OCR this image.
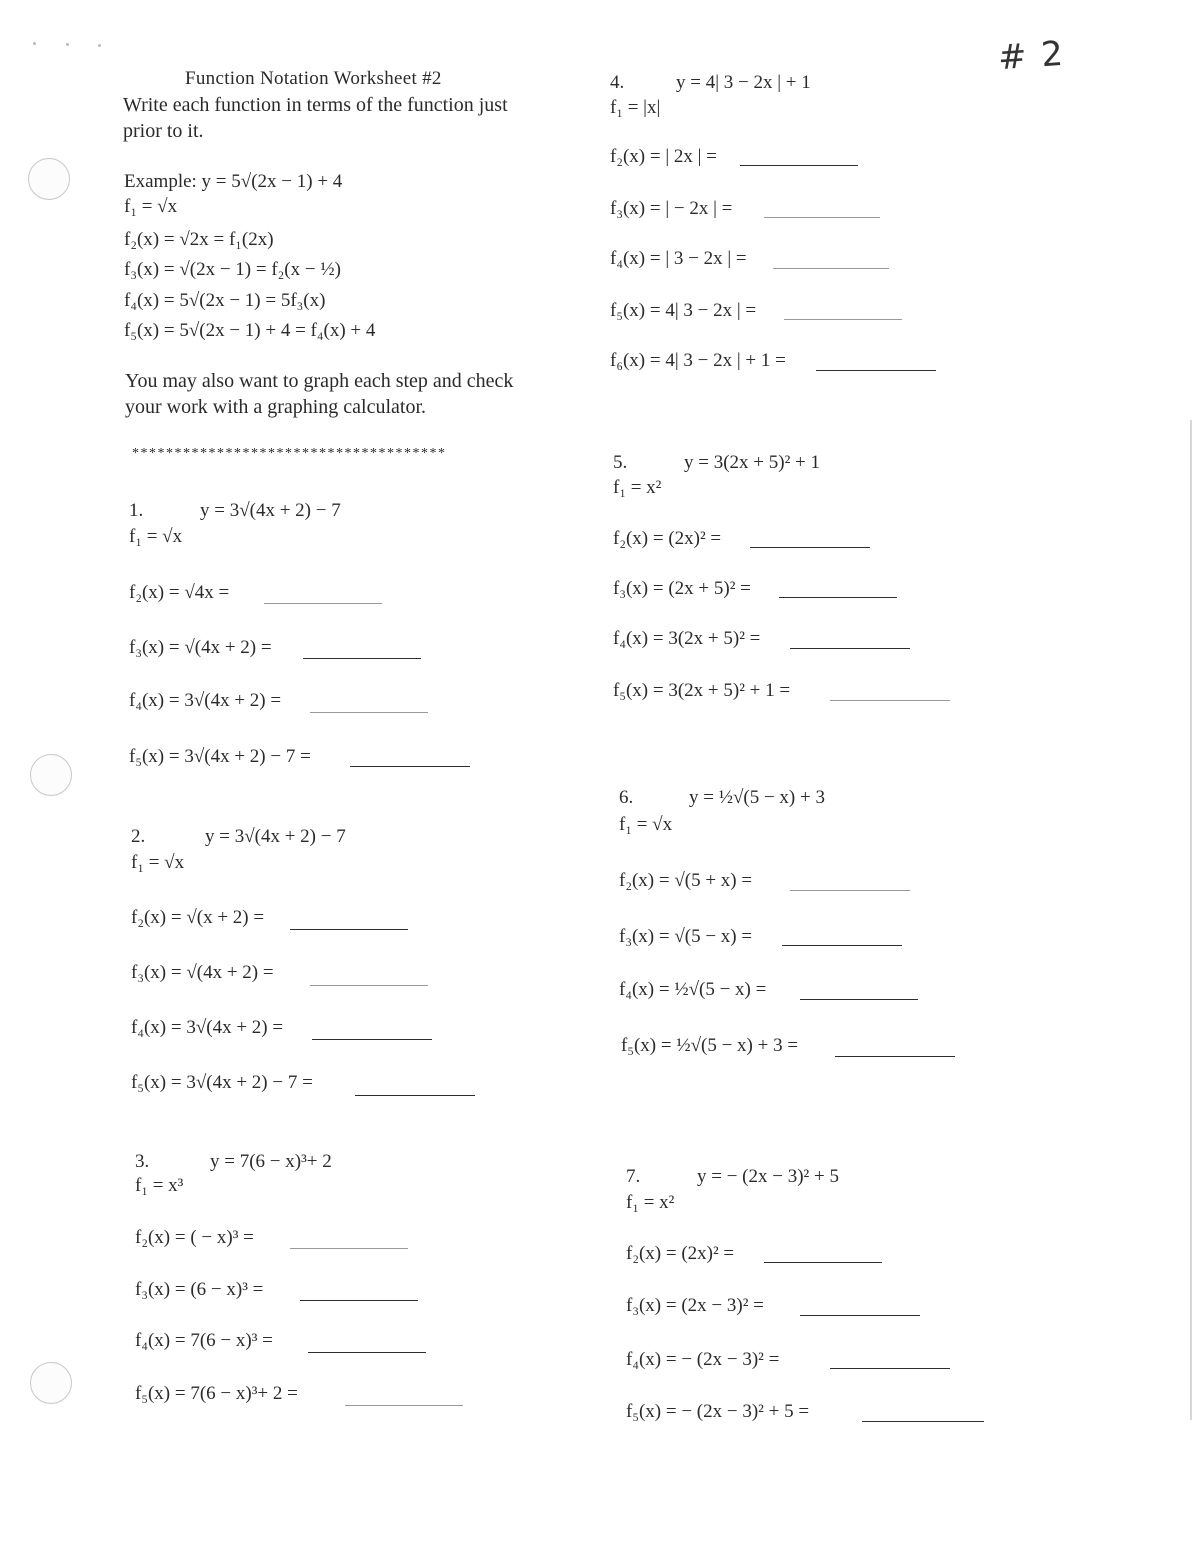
# 2
Function Notation Worksheet #2
Write each function in terms of the function just
prior to it.
Example: y = 5√(2x − 1) + 4
f₁ = √x
f₂(x) = √2x = f₁(2x)
f₃(x) = √(2x − 1) = f₂(x − ½)
f₄(x) = 5√(2x − 1) = 5f₃(x)
f₅(x) = 5√(2x − 1) + 4 = f₄(x) + 4
You may also want to graph each step and check
your work with a graphing calculator.
*************************************
1.	y = 3√(4x + 2) − 7
f₁ = √x
f₂(x) = √4x =
f₃(x) = √(4x + 2) =
f₄(x) = 3√(4x + 2) =
f₅(x) = 3√(4x + 2) − 7 =
2.	y = 3√(4x + 2) − 7
f₁ = √x
f₂(x) = √(x + 2) =
f₃(x) = √(4x + 2) =
f₄(x) = 3√(4x + 2) =
f₅(x) = 3√(4x + 2) − 7 =
3.	y = 7(6 − x)³+ 2
f₁ = x³
f₂(x) = ( − x)³ =
f₃(x) = (6 − x)³ =
f₄(x) = 7(6 − x)³ =
f₅(x) = 7(6 − x)³+ 2 =
4.	y = 4| 3 − 2x | + 1
f₁ = |x|
f₂(x) = | 2x | =
f₃(x) = | − 2x | =
f₄(x) = | 3 − 2x | =
f₅(x) = 4| 3 − 2x | =
f₆(x) = 4| 3 − 2x | + 1 =
5.	y = 3(2x + 5)² + 1
f₁ = x²
f₂(x) = (2x)² =
f₃(x) = (2x + 5)² =
f₄(x) = 3(2x + 5)² =
f₅(x) = 3(2x + 5)² + 1 =
6.	y = ½√(5 − x) + 3
f₁ = √x
f₂(x) = √(5 + x) =
f₃(x) = √(5 − x) =
f₄(x) = ½√(5 − x) =
f₅(x) = ½√(5 − x) + 3 =
7.	y = − (2x − 3)² + 5
f₁ = x²
f₂(x) = (2x)² =
f₃(x) = (2x − 3)² =
f₄(x) = − (2x − 3)² =
f₅(x) = − (2x − 3)² + 5 =
